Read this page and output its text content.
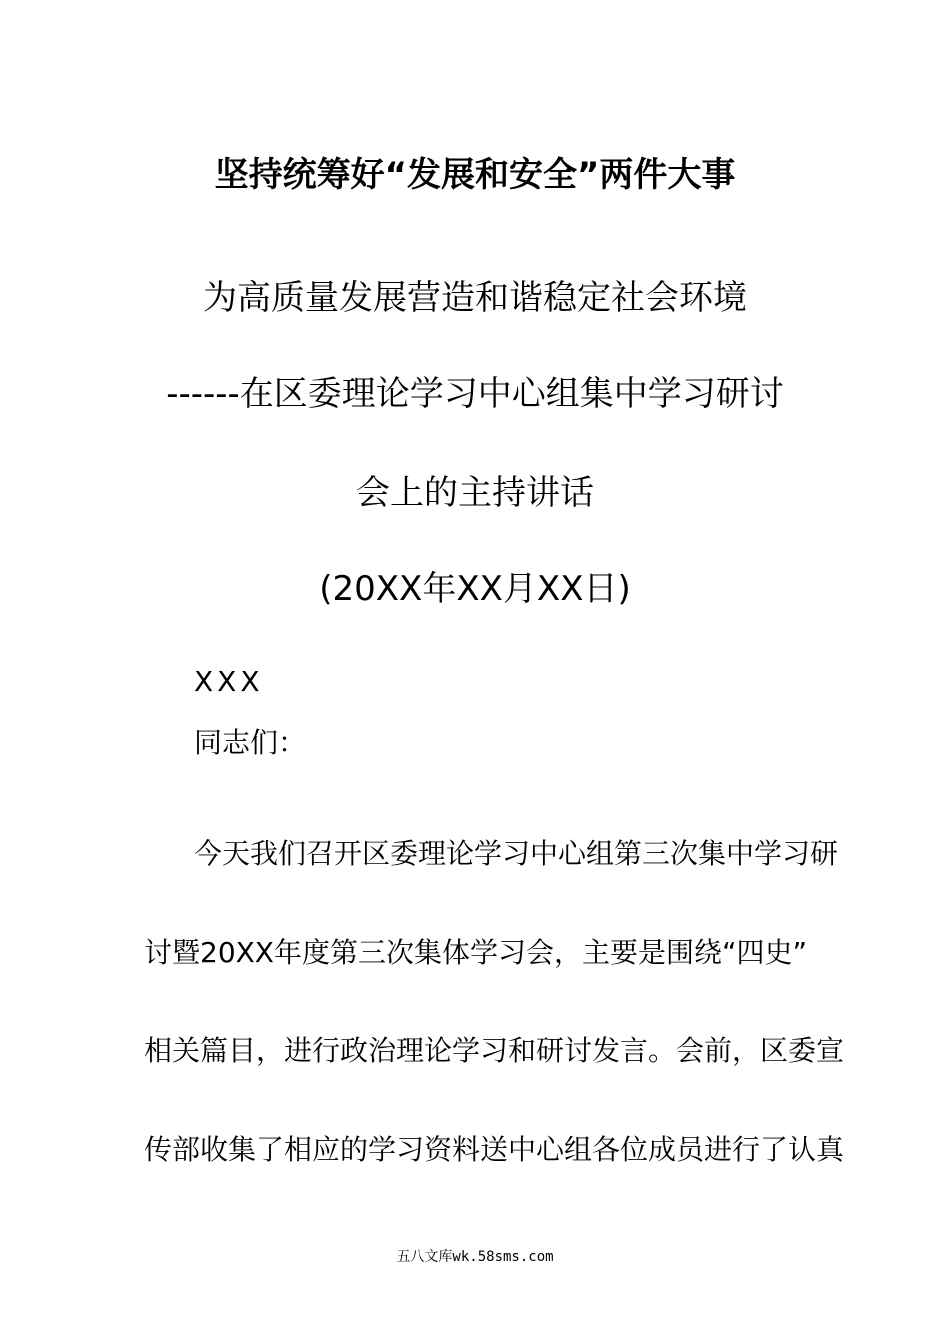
坚持统筹好“发展和安全”两件大事
为高质量发展营造和谐稳定社会环境
------在区委理论学习中心组集中学习研讨
会上的主持讲话
(20XX年XX月XX日)
XXX
同志们：
今天我们召开区委理论学习中心组第三次集中学习研
讨暨20XX年度第三次集体学习会，主要是围绕“四史”
相关篇目，进行政治理论学习和研讨发言。会前，区委宣
传部收集了相应的学习资料送中心组各位成员进行了认真
五八文库wk.58sms.com
